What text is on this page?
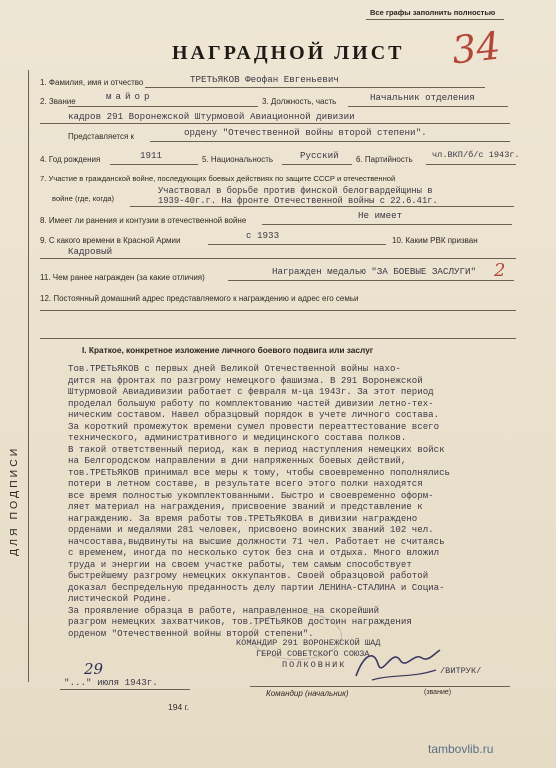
Все графы заполнить полностью
34
НАГРАДНОЙ ЛИСТ
1. Фамилия, имя и отчество	ТРЕТЬЯКОВ Феофан Евгеньевич
2. Звание	майор	3. Должность, часть	Начальник отделения
кадров 291 Воронежской Штурмовой Авиационной дивизии
Представляется к	ордену "Отечественной войны второй степени".
4. Год рождения	1911	5. Национальность	Русский 6. Партийность чл.ВКП/б/с 1943г.
7. Участие в гражданской войне, последующих боевых действиях по защите СССР и отечественной
войне (где, когда)
Участвовал в борьбе против финской белогвардейщины в
1939-40г.г. На фронте Отечественной войны с 22.6.41г.
8. Имеет ли ранения и контузии в отечественной войне	Не имеет
9. С какого времени в Красной Армии	с 1933	10. Каким РВК призван
Кадровый
11. Чем ранее награжден (за какие отличия)
Награжден медалью "ЗА БОЕВЫЕ ЗАСЛУГИ" 2
12. Постоянный домашний адрес представляемого к награждению и адрес его семьи
ДЛЯ ПОДПИСИ
I. Краткое, конкретное изложение личного боевого подвига или заслуг
Тов.ТРЕТЬЯКОВ с первых дней Великой Отечественной войны нахо-
дится на фронтах по разгрому немецкого фашизма. В 291 Воронежской
Штурмовой Авиадивизии работает с февраля м-ца 1943г. За этот период
проделал большую работу по комплектованию частей дивизии летно-тех-
ническим составом. Навел образцовый порядок в учете личного состава.
За короткий промежуток времени сумел провести переаттестование всего
технического, административного и медицинского состава полков.
В такой ответственный период, как в период наступления немецких войск
на Белгородском направлении в дни напряженных боевых действий,
тов.ТРЕТЬЯКОВ принимал все меры к тому, чтобы своевременно пополнялись
потери в летном составе, в результате всего этого полки находятся
все время полностью укомплектованными. Быстро и своевременно оформ-
ляет материал на награждения, присвоение званий и представление к
награждению. За время работы тов.ТРЕТЬЯКОВА в дивизии награждено
орденами и медалями 281 человек, присвоено воинских званий 102 чел.
начсостава,выдвинуты на высшие должности 71 чел. Работает не считаясь
с временем, иногда по несколько суток без сна и отдыха. Много вложил
труда и энергии на своем участке работы, тем самым способствует
быстрейшему разгрому немецких оккупантов. Своей образцовой работой
доказал беспредельную преданность делу партии ЛЕНИНА-СТАЛИНА и Социа-
листической Родине.
За проявление образца в работе, направленное на скорейший
разгром немецких захватчиков, тов.ТРЕТЬЯКОВ достоин награждения
орденом "Отечественной войны второй степени".
КОМАНДИР 291 ВОРОНЕЖСКОЙ ШАД
ГЕРОЙ СОВЕТСКОГО СОЮЗА
ПОЛКОВНИК
/ВИТРУК/
29
"..." июля 1943г.
Командир (начальник)	(звание)
194 г.
tambovlib.ru
